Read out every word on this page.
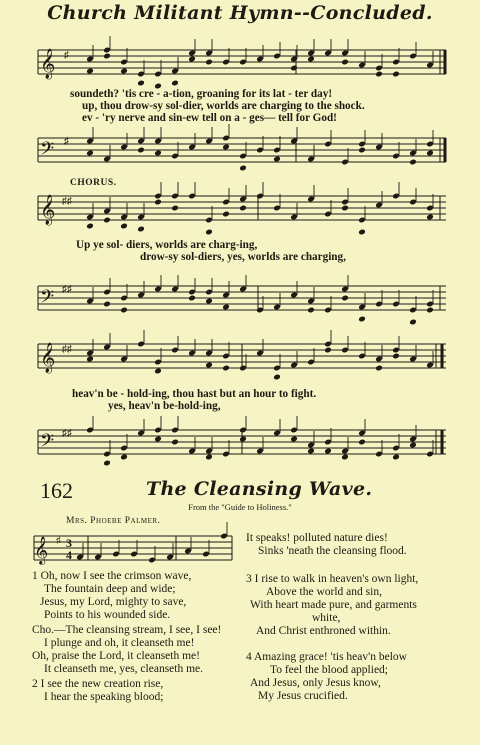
Church Militant Hymn--Concluded.
𝄞 ♯
𝄢 ♯
soundeth? 'tis cre - a-tion, groaning for its lat - ter day!
up, thou drow-sy sol-dier, worlds are charging to the shock.
ev - 'ry nerve and sin-ew tell on a - ges— tell for God!
CHORUS.
𝄞 ♯♯
Up ye sol- diers, worlds are charg-ing,
drow-sy sol-diers, yes, worlds are charging,
𝄢 ♯♯
𝄞 ♯♯
heav'n be - hold-ing, thou hast but an hour to fight.
yes, heav'n be-hold-ing,
𝄢 ♯♯
162	The Cleansing Wave.
From the "Guide to Holiness."
Mrs. Phoebe Palmer.
𝄞 ♯ 3
4
1 Oh, now I see the crimson wave,
The fountain deep and wide;
Jesus, my Lord, mighty to save,
Points to his wounded side.
Cho.—The cleansing stream, I see, I see!
I plunge and oh, it cleanseth me!
Oh, praise the Lord, it cleanseth me!
It cleanseth me, yes, cleanseth me.
2 I see the new creation rise,
I hear the speaking blood;
It speaks! polluted nature dies!
Sinks 'neath the cleansing flood.
3 I rise to walk in heaven's own light,
Above the world and sin,
With heart made pure, and garments
white,
And Christ enthroned within.
4 Amazing grace! 'tis heav'n below
To feel the blood applied;
And Jesus, only Jesus know,
My Jesus crucified.
